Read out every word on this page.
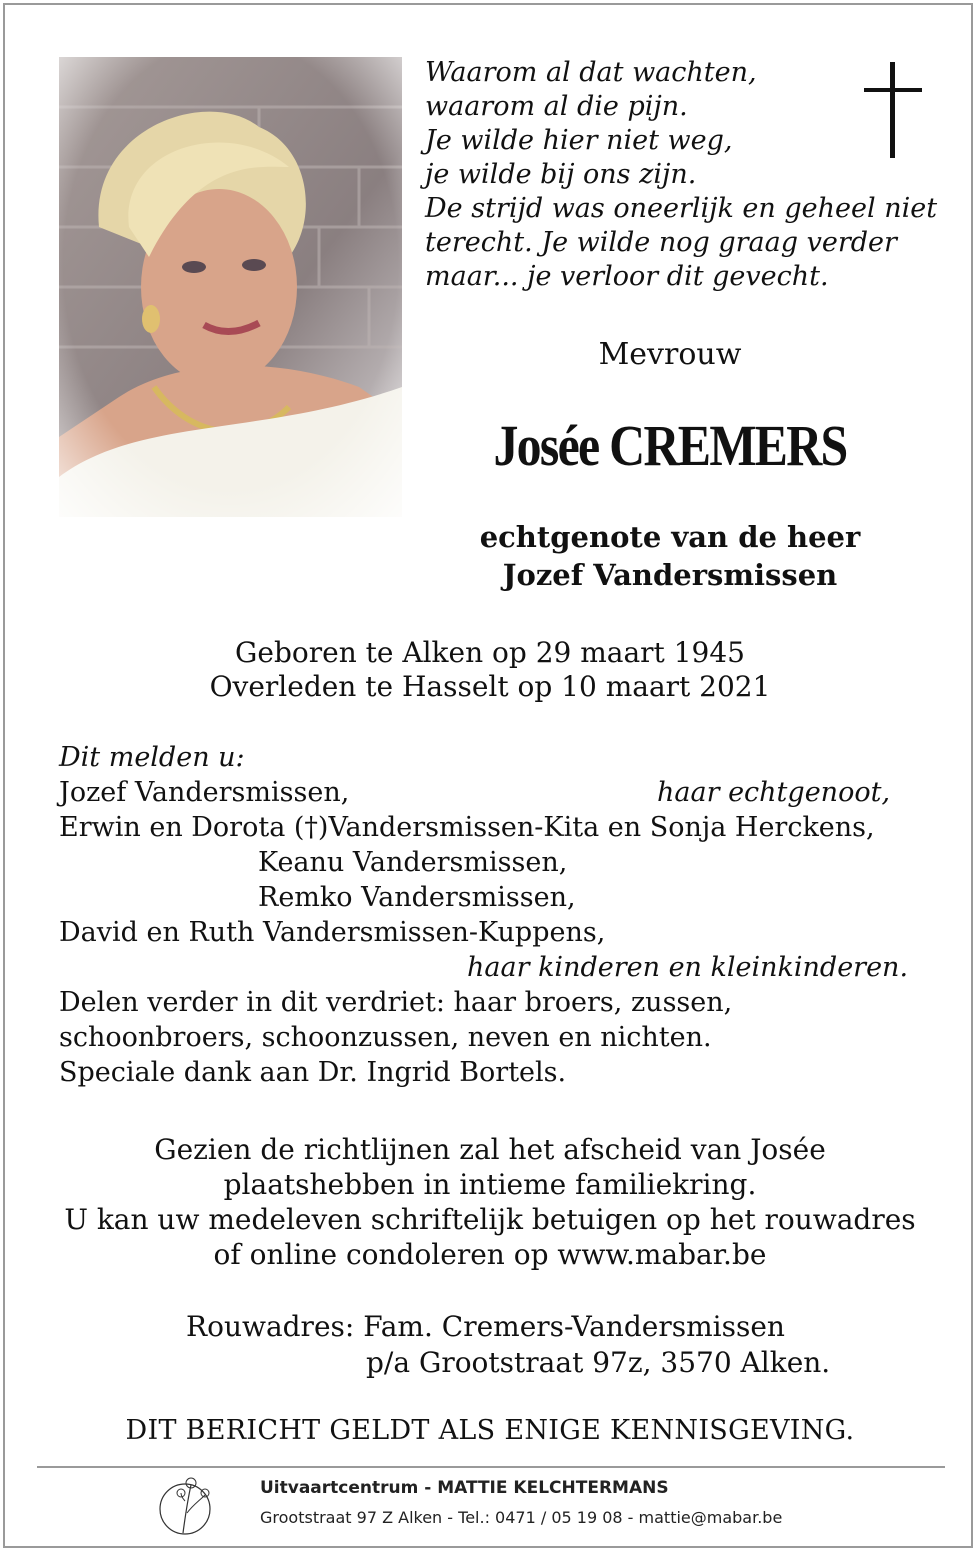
Waarom al dat wachten,
waarom al die pijn.
Je wilde hier niet weg,
je wilde bij ons zijn.
De strijd was oneerlijk en geheel niet
terecht. Je wilde nog graag verder
maar... je verloor dit gevecht.
Mevrouw
Josée CREMERS
echtgenote van de heer
Jozef Vandersmissen
Geboren te Alken op 29 maart 1945
Overleden te Hasselt op 10 maart 2021
Dit melden u:
Jozef Vandersmissen,	haar echtgenoot,
Erwin en Dorota (†)Vandersmissen-Kita en Sonja Herckens,
Keanu Vandersmissen,
Remko Vandersmissen,
David en Ruth Vandersmissen-Kuppens,
haar kinderen en kleinkinderen.
Delen verder in dit verdriet: haar broers, zussen,
schoonbroers, schoonzussen, neven en nichten.
Speciale dank aan Dr. Ingrid Bortels.
Gezien de richtlijnen zal het afscheid van Josée
plaatshebben in intieme familiekring.
U kan uw medeleven schriftelijk betuigen op het rouwadres
of online condoleren op www.mabar.be
Rouwadres: Fam. Cremers-Vandersmissen
p/a Grootstraat 97z, 3570 Alken.
DIT BERICHT GELDT ALS ENIGE KENNISGEVING.
Uitvaartcentrum - MATTIE KELCHTERMANS
Grootstraat 97 Z Alken - Tel.: 0471 / 05 19 08 - mattie@mabar.be
